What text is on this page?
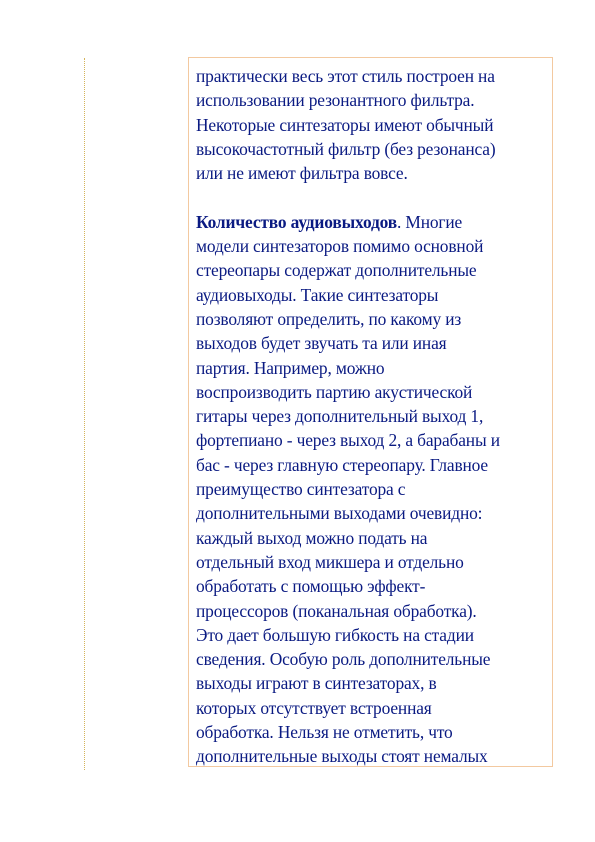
практически весь этот стиль построен на
использовании резонантного фильтра.
Некоторые синтезаторы имеют обычный
высокочастотный фильтр (без резонанса)
или не имеют фильтра вовсе.

Количество аудиовыходов. Многие
модели синтезаторов помимо основной
стереопары содержат дополнительные
аудиовыходы. Такие синтезаторы
позволяют определить, по какому из
выходов будет звучать та или иная
партия. Например, можно
воспроизводить партию акустической
гитары через дополнительный выход 1,
фортепиано - через выход 2, а барабаны и
бас - через главную стереопару. Главное
преимущество синтезатора с
дополнительными выходами очевидно:
каждый выход можно подать на
отдельный вход микшера и отдельно
обработать с помощью эффект-
процессоров (поканальная обработка).
Это дает большую гибкость на стадии
сведения. Особую роль дополнительные
выходы играют в синтезаторах, в
которых отсутствует встроенная
обработка. Нельзя не отметить, что
дополнительные выходы стоят немалых
